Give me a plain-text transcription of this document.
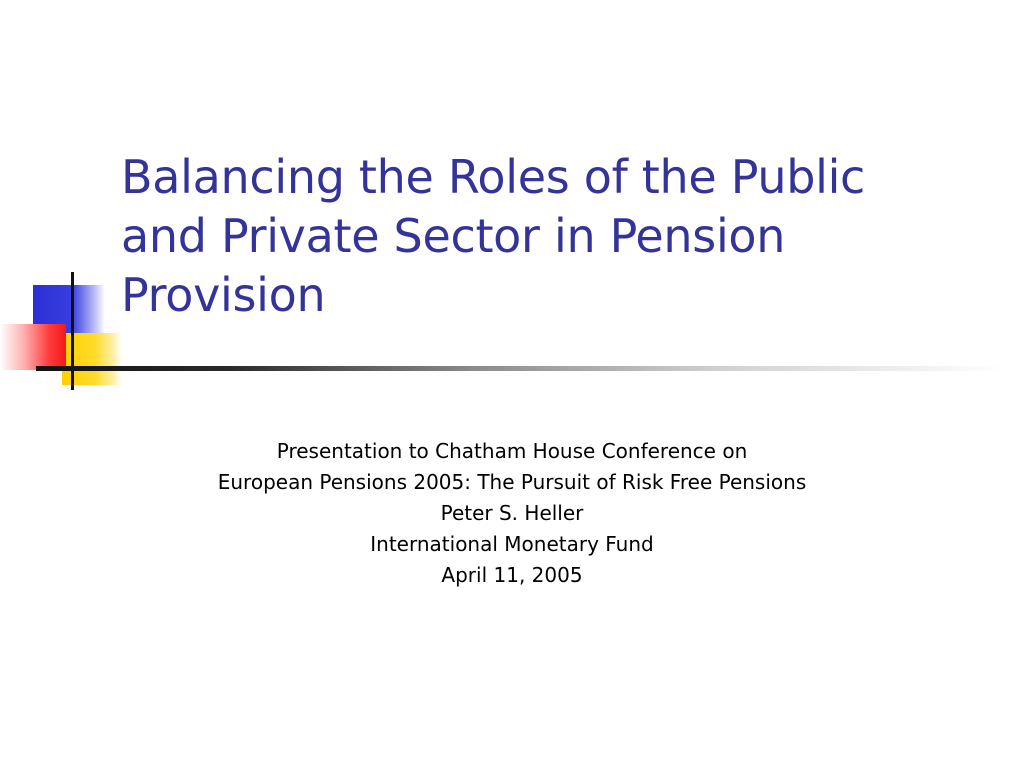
Balancing the Roles of the Public
and Private Sector in Pension
Provision
Presentation to Chatham House Conference on
European Pensions 2005: The Pursuit of Risk Free Pensions
Peter S. Heller
International Monetary Fund
April 11, 2005
